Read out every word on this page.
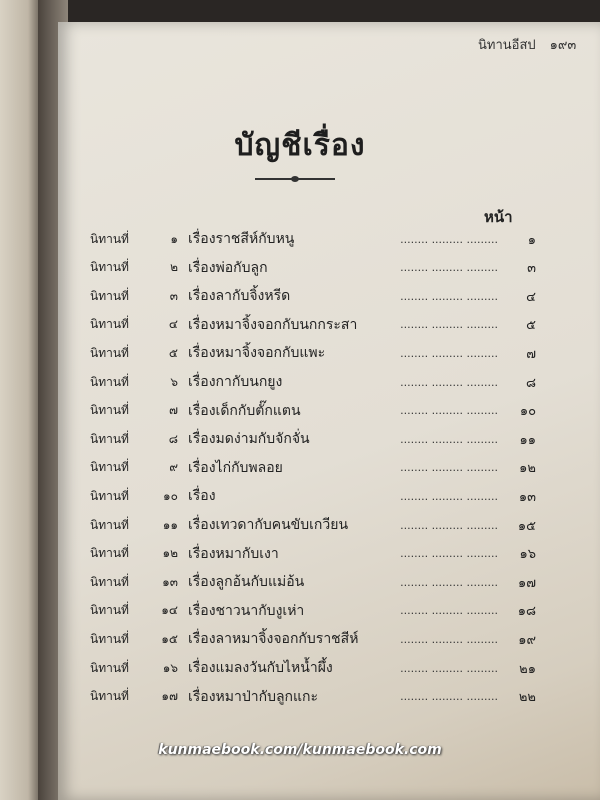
นิทานอีสป ๑๙๓
บัญชีเรื่อง
หน้า
นิทานที่	๑ เรื่องราชสีห์กับหนู	........ ......... .........	๑
นิทานที่	๒ เรื่องพ่อกับลูก	........ ......... .........	๓
นิทานที่	๓ เรื่องลากับจิ้งหรีด	........ ......... .........	๔
นิทานที่	๔ เรื่องหมาจิ้งจอกกับนกกระสา	........ ......... .........	๕
นิทานที่	๕ เรื่องหมาจิ้งจอกกับแพะ	........ ......... .........	๗
นิทานที่	๖ เรื่องกากับนกยูง	........ ......... .........	๘
นิทานที่	๗ เรื่องเด็กกับตั๊กแตน	........ ......... .........	๑๐
นิทานที่	๘ เรื่องมดง่ามกับจักจั่น	........ ......... .........	๑๑
นิทานที่	๙ เรื่องไก่กับพลอย	........ ......... .........	๑๒
นิทานที่	๑๐ เรื่อง	........ ......... .........	๑๓
นิทานที่	๑๑ เรื่องเทวดากับคนขับเกวียน	........ ......... .........	๑๕
นิทานที่	๑๒ เรื่องหมากับเงา	........ ......... .........	๑๖
นิทานที่	๑๓ เรื่องลูกอ้นกับแม่อ้น	........ ......... .........	๑๗
นิทานที่	๑๔ เรื่องชาวนากับงูเห่า	........ ......... .........	๑๘
นิทานที่	๑๕ เรื่องลาหมาจิ้งจอกกับราชสีห์	........ ......... .........	๑๙
นิทานที่	๑๖ เรื่องแมลงวันกับไหน้ำผึ้ง	........ ......... .........	๒๑
นิทานที่	๑๗ เรื่องหมาป่ากับลูกแกะ	........ ......... .........	๒๒
kunmaebook.com/kunmaebook.com
